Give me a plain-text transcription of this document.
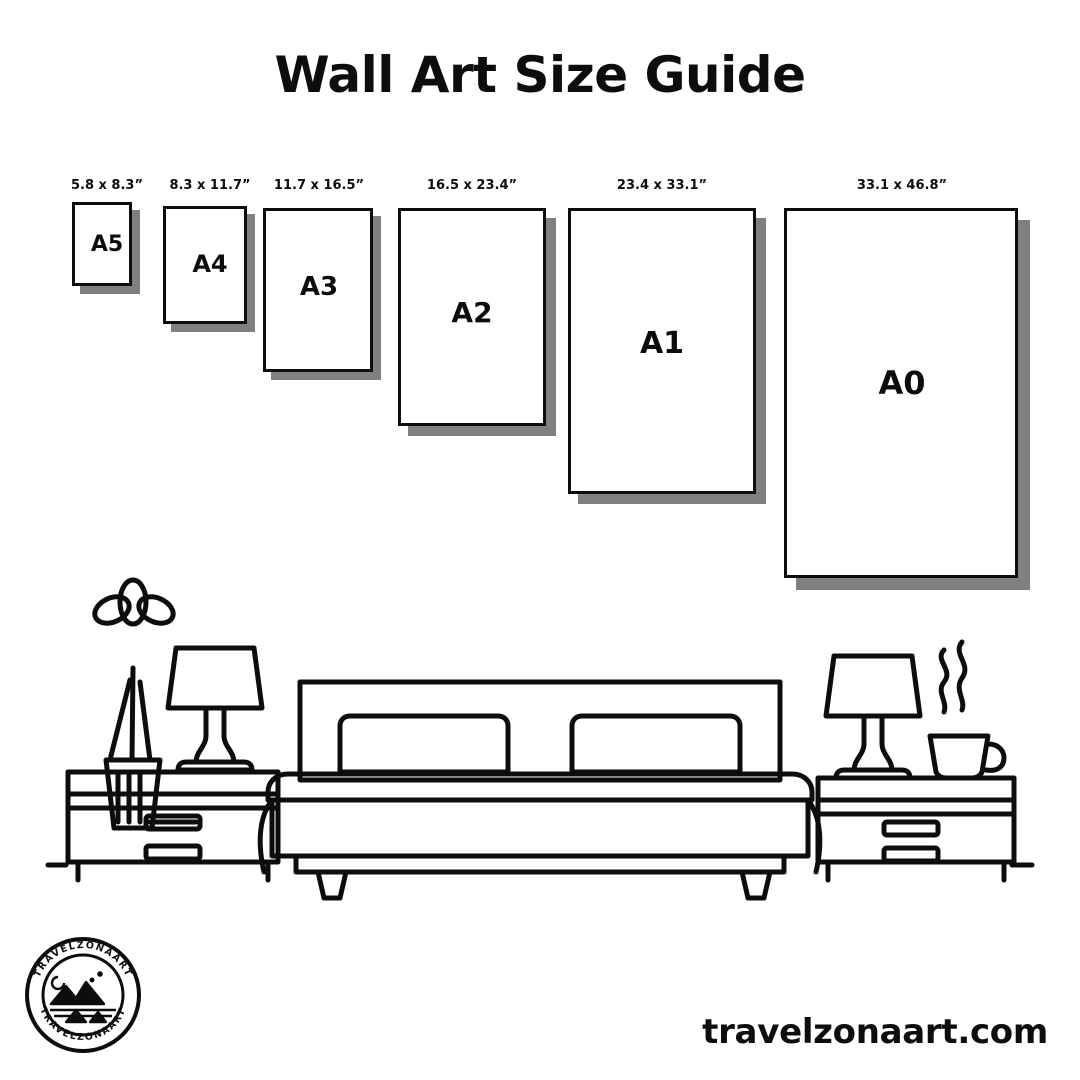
Wall Art Size Guide
5.8 x 8.3”
A5
8.3 x 11.7”
A4
11.7 x 16.5”
A3
16.5 x 23.4”
A2
23.4 x 33.1”
A1
33.1 x 46.8”
A0
TRAVELZONAART
TRAVELZONAART
travelzonaart.com
